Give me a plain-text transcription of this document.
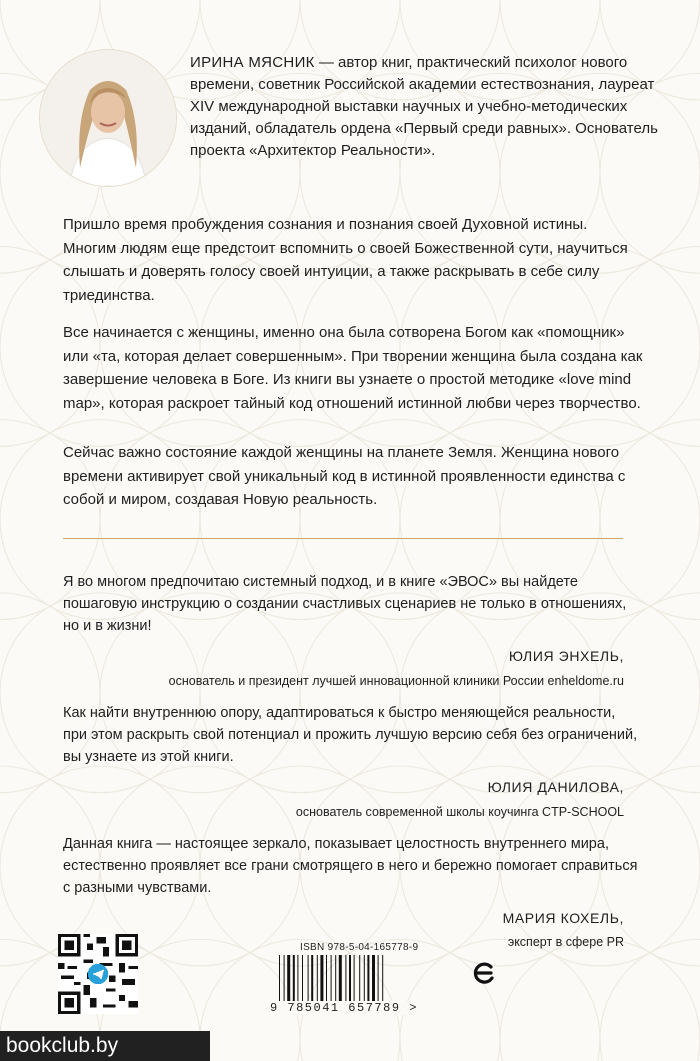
ИРИНА МЯСНИК — автор книг, практический психолог нового времени, советник Российской академии естествознания, лауреат XIV международной выставки научных и учебно-методических изданий, обладатель ордена «Первый среди равных». Основатель проекта «Архитектор Реальности».
Пришло время пробуждения сознания и познания своей Духовной истины. Многим людям еще предстоит вспомнить о своей Божественной сути, научиться слышать и доверять голосу своей интуиции, а также раскрывать в себе силу триединства.
Все начинается с женщины, именно она была сотворена Богом как «помощник» или «та, которая делает совершенным». При творении женщина была создана как завершение человека в Боге. Из книги вы узнаете о простой методике «love mind map», которая раскроет тайный код отношений истинной любви через творчество.
Сейчас важно состояние каждой женщины на планете Земля. Женщина нового времени активирует свой уникальный код в истинной проявленности единства с собой и миром, создавая Новую реальность.
Я во многом предпочитаю системный подход, и в книге «ЭВОС» вы найдете пошаговую инструкцию о создании счастливых сценариев не только в отношениях, но и в жизни!
ЮЛИЯ ЭНХЕЛЬ,
основатель и президент лучшей инновационной клиники России enheldome.ru
Как найти внутреннюю опору, адаптироваться к быстро меняющейся реальности, при этом раскрыть свой потенциал и прожить лучшую версию себя без ограничений, вы узнаете из этой книги.
ЮЛИЯ ДАНИЛОВА,
основатель современной школы коучинга CTP-SCHOOL
Данная книга — настоящее зеркало, показывает целостность внутреннего мира, естественно проявляет все грани смотрящего в него и бережно помогает справиться с разными чувствами.
МАРИЯ КОХЕЛЬ,
эксперт в сфере PR
ISBN 978-5-04-165778-9
9 785041 657789 >
bookclub.by
